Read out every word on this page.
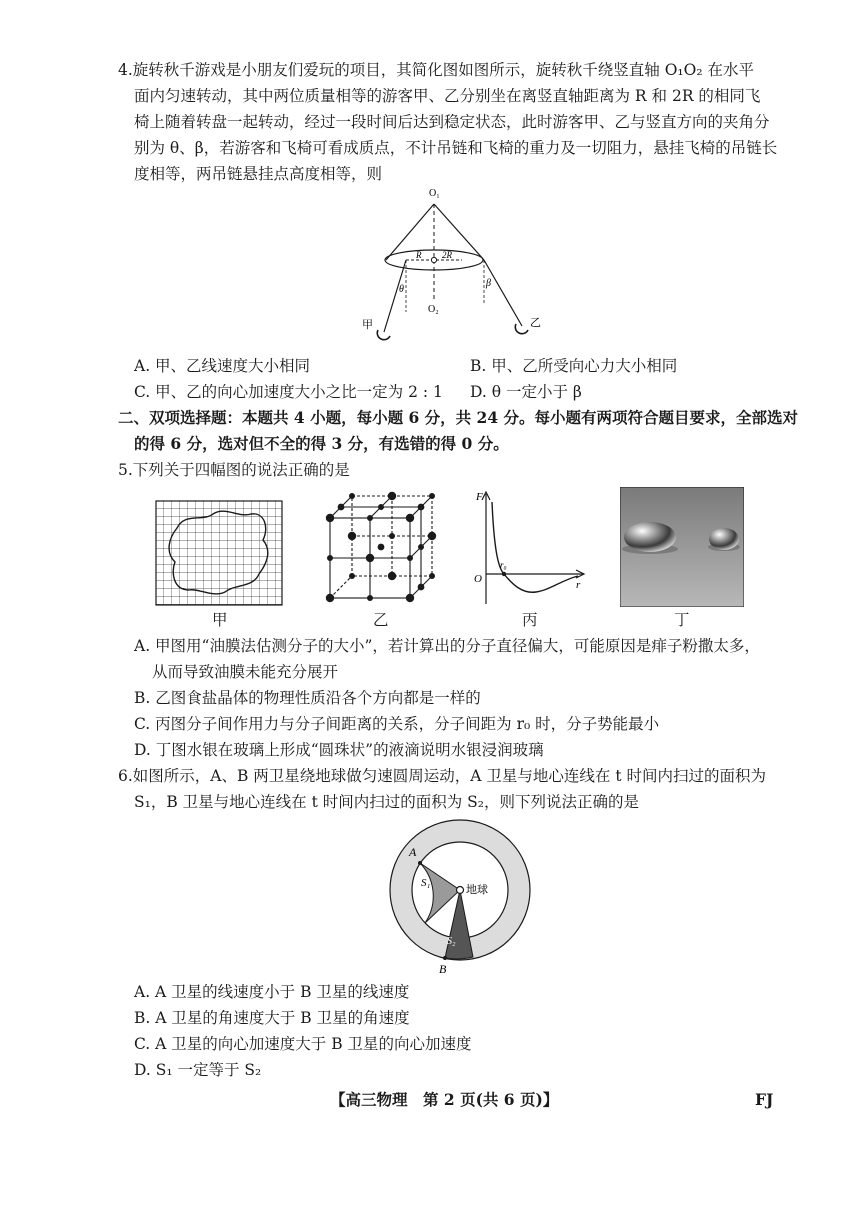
4.旋转秋千游戏是小朋友们爱玩的项目，其简化图如图所示，旋转秋千绕竖直轴 O₁O₂ 在水平
面内匀速转动，其中两位质量相等的游客甲、乙分别坐在离竖直轴距离为 R 和 2R 的相同飞
椅上随着转盘一起转动，经过一段时间后达到稳定状态，此时游客甲、乙与竖直方向的夹角分
别为 θ、β，若游客和飞椅可看成质点，不计吊链和飞椅的重力及一切阻力，悬挂飞椅的吊链长
度相等，两吊链悬挂点高度相等，则
O₁
O₂
R 2R
θ
β
甲	乙
A. 甲、乙线速度大小相同	B. 甲、乙所受向心力大小相同
C. 甲、乙的向心加速度大小之比一定为 2 : 1 D. θ 一定小于 β
二、双项选择题：本题共 4 小题，每小题 6 分，共 24 分。每小题有两项符合题目要求，全部选对
的得 6 分，选对但不全的得 3 分，有选错的得 0 分。
5.下列关于四幅图的说法正确的是
甲	乙
F
O
r₀
r
丙	丁
A. 甲图用“油膜法估测分子的大小”，若计算出的分子直径偏大，可能原因是痱子粉撒太多，
从而导致油膜未能充分展开
B. 乙图食盐晶体的物理性质沿各个方向都是一样的
C. 丙图分子间作用力与分子间距离的关系，分子间距为 r₀ 时，分子势能最小
D. 丁图水银在玻璃上形成“圆珠状”的液滴说明水银浸润玻璃
6.如图所示，A、B 两卫星绕地球做匀速圆周运动，A 卫星与地心连线在 t 时间内扫过的面积为
S₁，B 卫星与地心连线在 t 时间内扫过的面积为 S₂，则下列说法正确的是
A
B
S₁
S₂
地球
A. A 卫星的线速度小于 B 卫星的线速度
B. A 卫星的角速度大于 B 卫星的角速度
C. A 卫星的向心加速度大于 B 卫星的向心加速度
D. S₁ 一定等于 S₂
【高三物理　第 2 页(共 6 页)】	FJ
